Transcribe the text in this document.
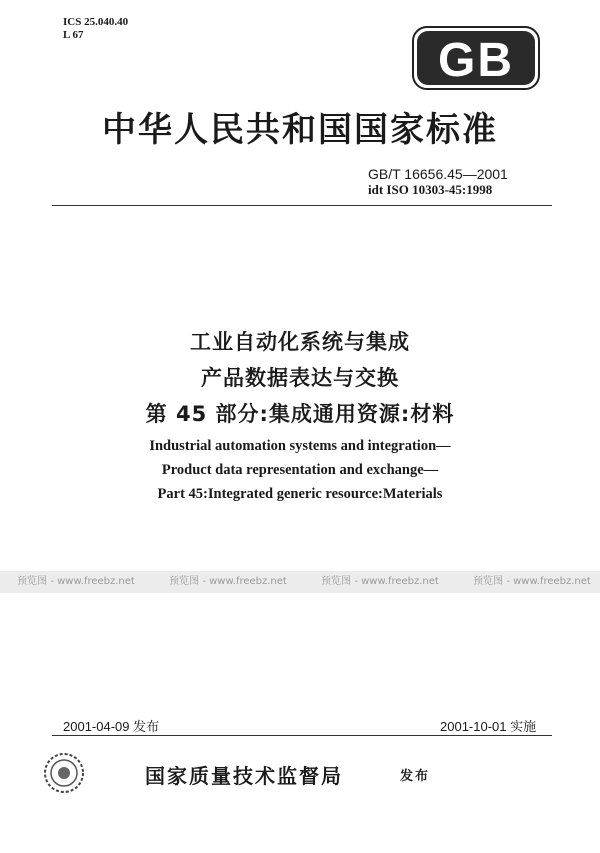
ICS 25.040.40
L 67	GB
中华人民共和国国家标准
GB/T 16656.45—2001
idt ISO 10303-45:1998
工业自动化系统与集成
产品数据表达与交换
第 45 部分:集成通用资源:材料
Industrial automation systems and integration—
Product data representation and exchange—
Part 45:Integrated generic resource:Materials
预览图 - www.freebz.net	预览图 - www.freebz.net	预览图 - www.freebz.net	预览图 - www.freebz.net
2001-04-09 发布	2001-10-01 实施
国家质量技术监督局	发布
